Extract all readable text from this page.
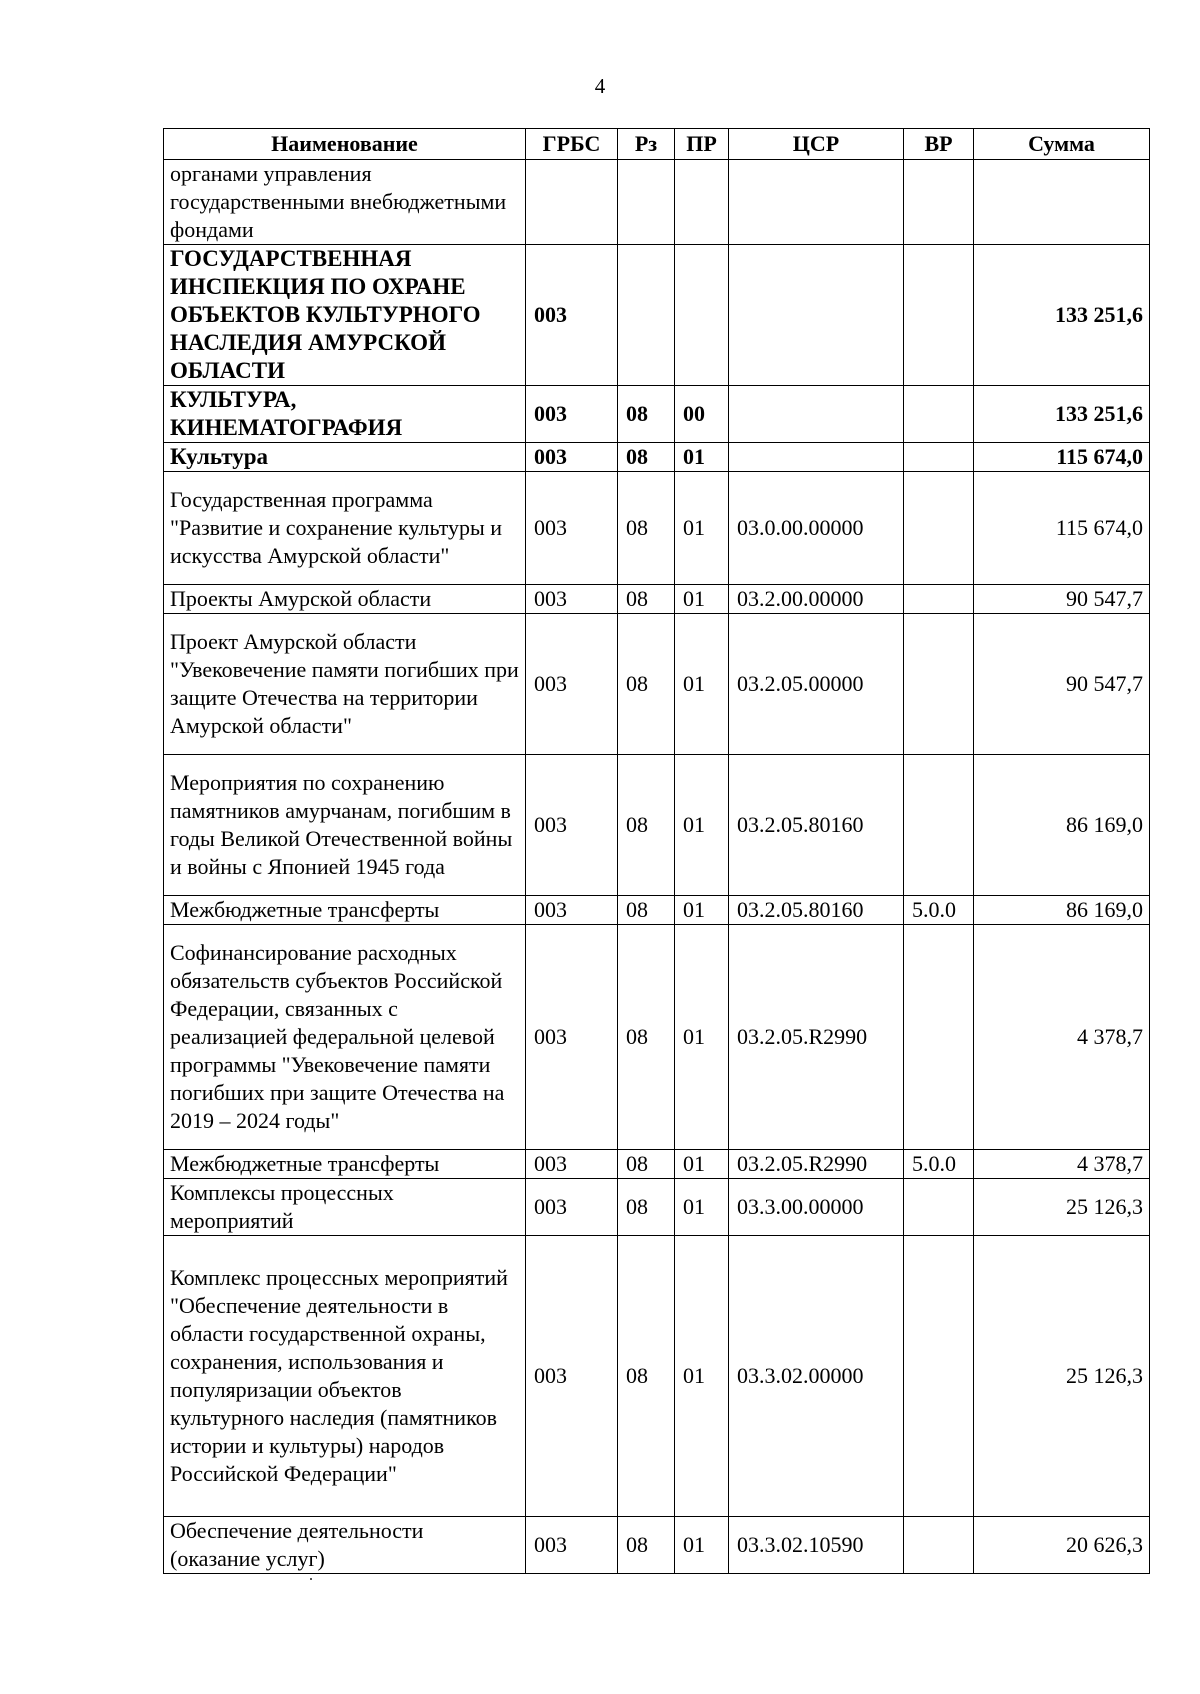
4
Наименование	ГРБС	Рз	ПР	ЦСР	ВР	Сумма
органами управления государственными внебюджетными фондами						
ГОСУДАРСТВЕННАЯ ИНСПЕКЦИЯ ПО ОХРАНЕ ОБЪЕКТОВ КУЛЬТУРНОГО НАСЛЕДИЯ АМУРСКОЙ ОБЛАСТИ	003					133 251,6
КУЛЬТУРА, КИНЕМАТОГРАФИЯ	003	08	00			133 251,6
Культура	003	08	01			115 674,0
Государственная программа "Развитие и сохранение культуры и искусства Амурской области"	003	08	01	03.0.00.00000		115 674,0
Проекты Амурской области	003	08	01	03.2.00.00000		90 547,7
Проект Амурской области "Увековечение памяти погибших при защите Отечества на территории Амурской области"	003	08	01	03.2.05.00000		90 547,7
Мероприятия по сохранению памятников амурчанам, погибшим в годы Великой Отечественной войны и войны с Японией 1945 года	003	08	01	03.2.05.80160		86 169,0
Межбюджетные трансферты	003	08	01	03.2.05.80160	5.0.0	86 169,0
Софинансирование расходных обязательств субъектов Российской Федерации, связанных с реализацией федеральной целевой программы "Увековечение памяти погибших при защите Отечества на 2019 – 2024 годы"	003	08	01	03.2.05.R2990		4 378,7
Межбюджетные трансферты	003	08	01	03.2.05.R2990	5.0.0	4 378,7
Комплексы процессных мероприятий	003	08	01	03.3.00.00000		25 126,3
Комплекс процессных мероприятий "Обеспечение деятельности в области государственной охраны, сохранения, использования и популяризации объектов культурного наследия (памятников истории и культуры) народов Российской Федерации"	003	08	01	03.3.02.00000		25 126,3
Обеспечение деятельности (оказание услуг)	003	08	01	03.3.02.10590		20 626,3
